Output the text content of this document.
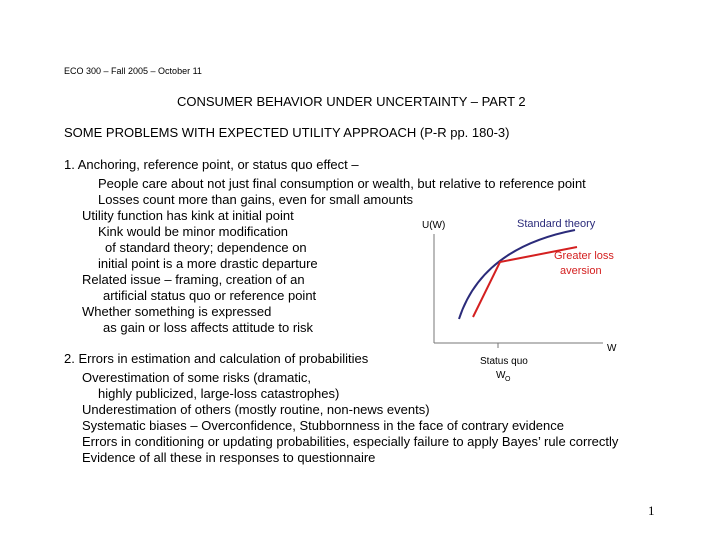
ECO 300 – Fall 2005 – October 11
CONSUMER BEHAVIOR UNDER UNCERTAINTY – PART 2
SOME PROBLEMS WITH EXPECTED UTILITY APPROACH (P-R pp. 180-3)
1. Anchoring, reference point, or status quo effect –
People care about not just final consumption or wealth, but relative to reference point
Losses count more than gains, even for small amounts
Utility function has kink at initial point
Kink would be minor modification
of standard theory; dependence on
initial point is a more drastic departure
Related issue – framing, creation of an
artificial status quo or reference point
Whether something is expressed
as gain or loss affects attitude to risk
2. Errors in estimation and calculation of probabilities
Overestimation of some risks (dramatic,
highly publicized, large-loss catastrophes)
Underestimation of others (mostly routine, non-news events)
Systematic biases – Overconfidence, Stubbornness in the face of contrary evidence
Errors in conditioning or updating probabilities, especially failure to apply Bayes’ rule correctly
Evidence of all these in responses to questionnaire
U(W)	Standard theory
Greater loss
aversion
W
Status quo
W O
1
